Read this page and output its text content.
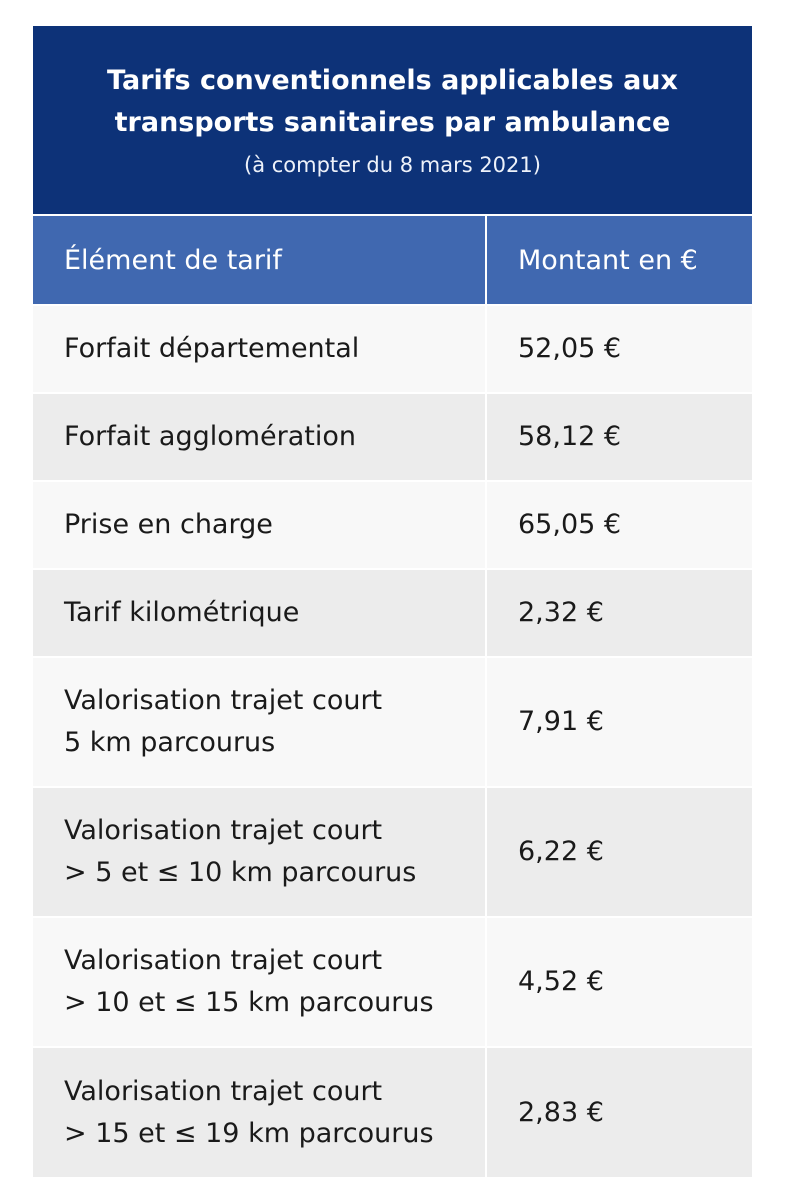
Tarifs conventionnels applicables aux
transports sanitaires par ambulance
(à compter du 8 mars 2021)
Élément de tarif	Montant en €

Forfait départemental	52,05 €

Forfait agglomération	58,12 €

Prise en charge	65,05 €

Tarif kilométrique	2,32 €

Valorisation trajet court
5 km parcourus	7,91 €

Valorisation trajet court
> 5 et ≤ 10 km parcourus	6,22 €

Valorisation trajet court
> 10 et ≤ 15 km parcourus	4,52 €

Valorisation trajet court
> 15 et ≤ 19 km parcourus	2,83 €
